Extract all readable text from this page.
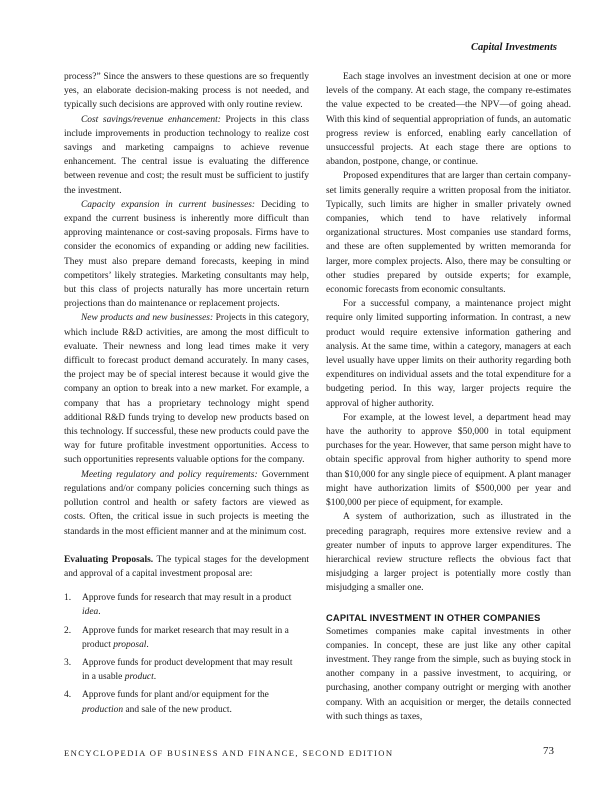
Capital Investments

process?” Since the answers to these questions are so frequently yes, an elaborate decision-making process is not needed, and typically such decisions are approved with only routine review.

Cost savings/revenue enhancement: Projects in this class include improvements in production technology to realize cost savings and marketing campaigns to achieve revenue enhancement. The central issue is evaluating the difference between revenue and cost; the result must be sufficient to justify the investment.

Capacity expansion in current businesses: Deciding to expand the current business is inherently more difficult than approving maintenance or cost-saving proposals. Firms have to consider the economics of expanding or adding new facilities. They must also prepare demand forecasts, keeping in mind competitors’ likely strategies. Marketing consultants may help, but this class of projects naturally has more uncertain return projections than do maintenance or replacement projects.

New products and new businesses: Projects in this category, which include R&D activities, are among the most difficult to evaluate. Their newness and long lead times make it very difficult to forecast product demand accurately. In many cases, the project may be of special interest because it would give the company an option to break into a new market. For example, a company that has a proprietary technology might spend additional R&D funds trying to develop new products based on this technology. If successful, these new products could pave the way for future profitable investment opportunities. Access to such opportunities represents valuable options for the company.

Meeting regulatory and policy requirements: Government regulations and/or company policies concerning such things as pollution control and health or safety factors are viewed as costs. Often, the critical issue in such projects is meeting the standards in the most efficient manner and at the minimum cost.

Evaluating Proposals. The typical stages for the development and approval of a capital investment proposal are:

1.	Approve funds for research that may result in a product idea.
2.	Approve funds for market research that may result in a product proposal.
3.	Approve funds for product development that may result in a usable product.
4.	Approve funds for plant and/or equipment for the production and sale of the new product.

Each stage involves an investment decision at one or more levels of the company. At each stage, the company re-estimates the value expected to be created—the NPV—of going ahead. With this kind of sequential appropriation of funds, an automatic progress review is enforced, enabling early cancellation of unsuccessful projects. At each stage there are options to abandon, postpone, change, or continue.

Proposed expenditures that are larger than certain company-set limits generally require a written proposal from the initiator. Typically, such limits are higher in smaller privately owned companies, which tend to have relatively informal organizational structures. Most companies use standard forms, and these are often supplemented by written memoranda for larger, more complex projects. Also, there may be consulting or other studies prepared by outside experts; for example, economic forecasts from economic consultants.

For a successful company, a maintenance project might require only limited supporting information. In contrast, a new product would require extensive information gathering and analysis. At the same time, within a category, managers at each level usually have upper limits on their authority regarding both expenditures on individual assets and the total expenditure for a budgeting period. In this way, larger projects require the approval of higher authority.

For example, at the lowest level, a department head may have the authority to approve $50,000 in total equipment purchases for the year. However, that same person might have to obtain specific approval from higher authority to spend more than $10,000 for any single piece of equipment. A plant manager might have authorization limits of $500,000 per year and $100,000 per piece of equipment, for example.

A system of authorization, such as illustrated in the preceding paragraph, requires more extensive review and a greater number of inputs to approve larger expenditures. The hierarchical review structure reflects the obvious fact that misjudging a larger project is potentially more costly than misjudging a smaller one.

CAPITAL INVESTMENT IN OTHER COMPANIES

Sometimes companies make capital investments in other companies. In concept, these are just like any other capital investment. They range from the simple, such as buying stock in another company in a passive investment, to acquiring, or purchasing, another company outright or merging with another company. With an acquisition or merger, the details connected with such things as taxes,

ENCYCLOPEDIA OF BUSINESS AND FINANCE, SECOND EDITION	73
